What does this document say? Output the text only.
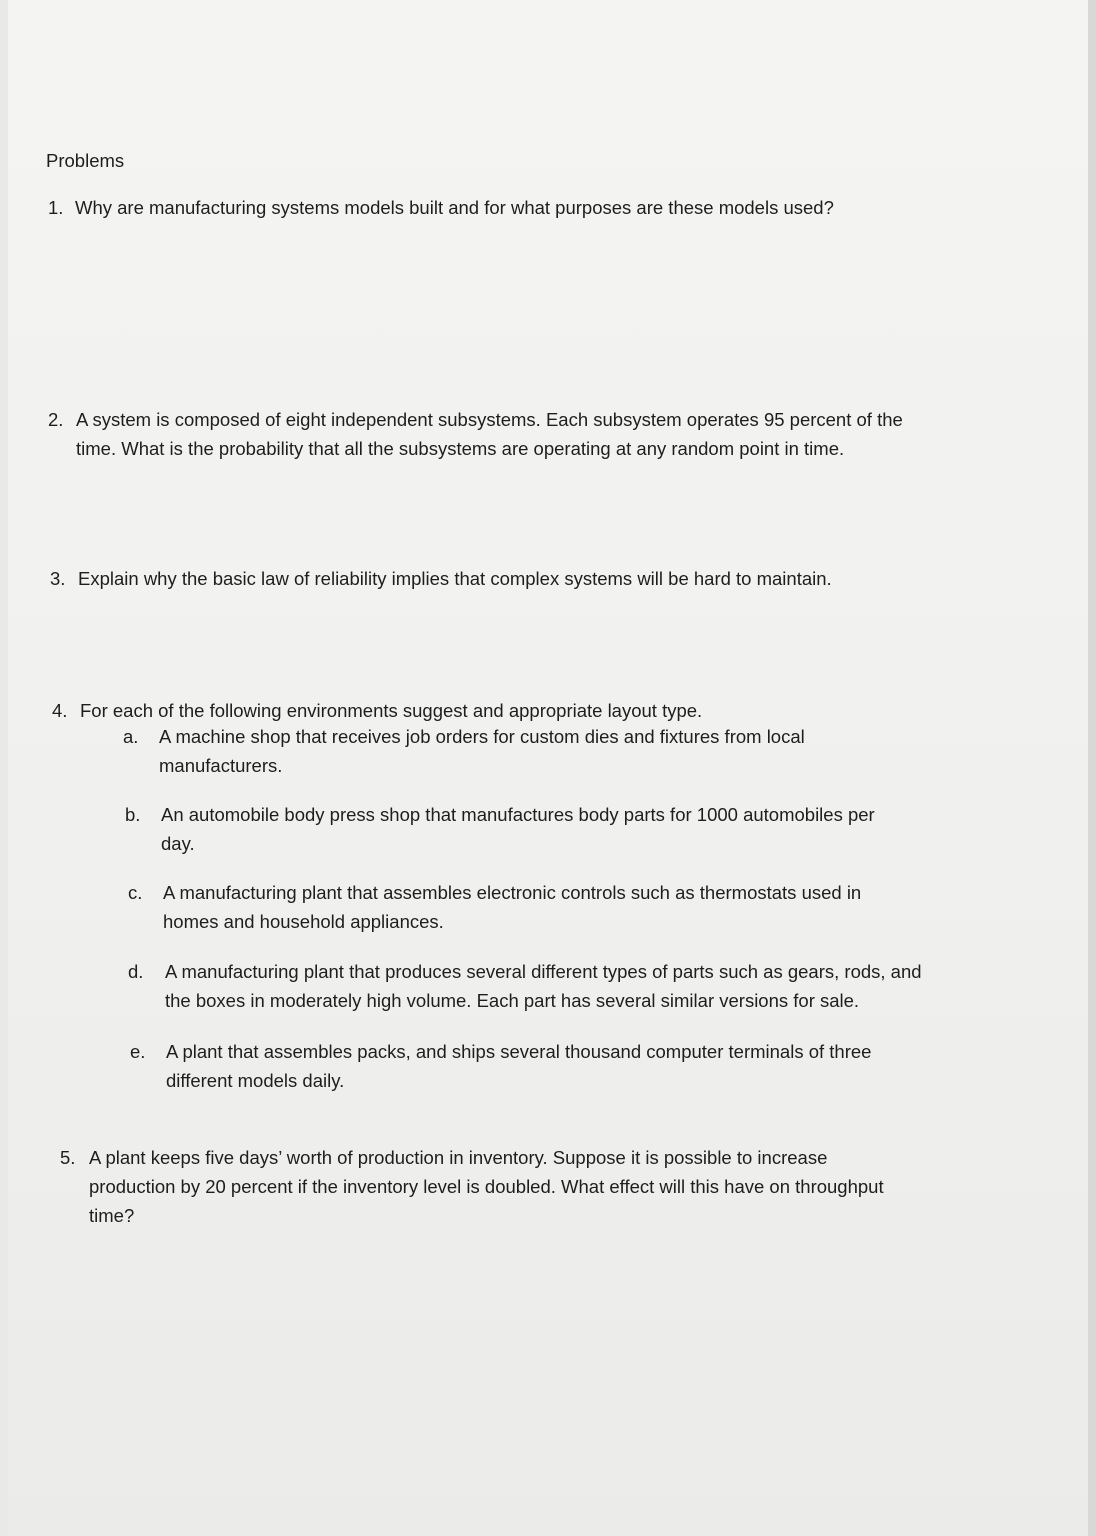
Problems
1. Why are manufacturing systems models built and for what purposes are these models used?
2. A system is composed of eight independent subsystems. Each subsystem operates 95 percent of the
time. What is the probability that all the subsystems are operating at any random point in time.
3. Explain why the basic law of reliability implies that complex systems will be hard to maintain.
4. For each of the following environments suggest and appropriate layout type.
a. A machine shop that receives job orders for custom dies and fixtures from local
manufacturers.
b. An automobile body press shop that manufactures body parts for 1000 automobiles per
day.
c. A manufacturing plant that assembles electronic controls such as thermostats used in
homes and household appliances.
d. A manufacturing plant that produces several different types of parts such as gears, rods, and
the boxes in moderately high volume. Each part has several similar versions for sale.
e. A plant that assembles packs, and ships several thousand computer terminals of three
different models daily.
5. A plant keeps five days’ worth of production in inventory. Suppose it is possible to increase
production by 20 percent if the inventory level is doubled. What effect will this have on throughput
time?
